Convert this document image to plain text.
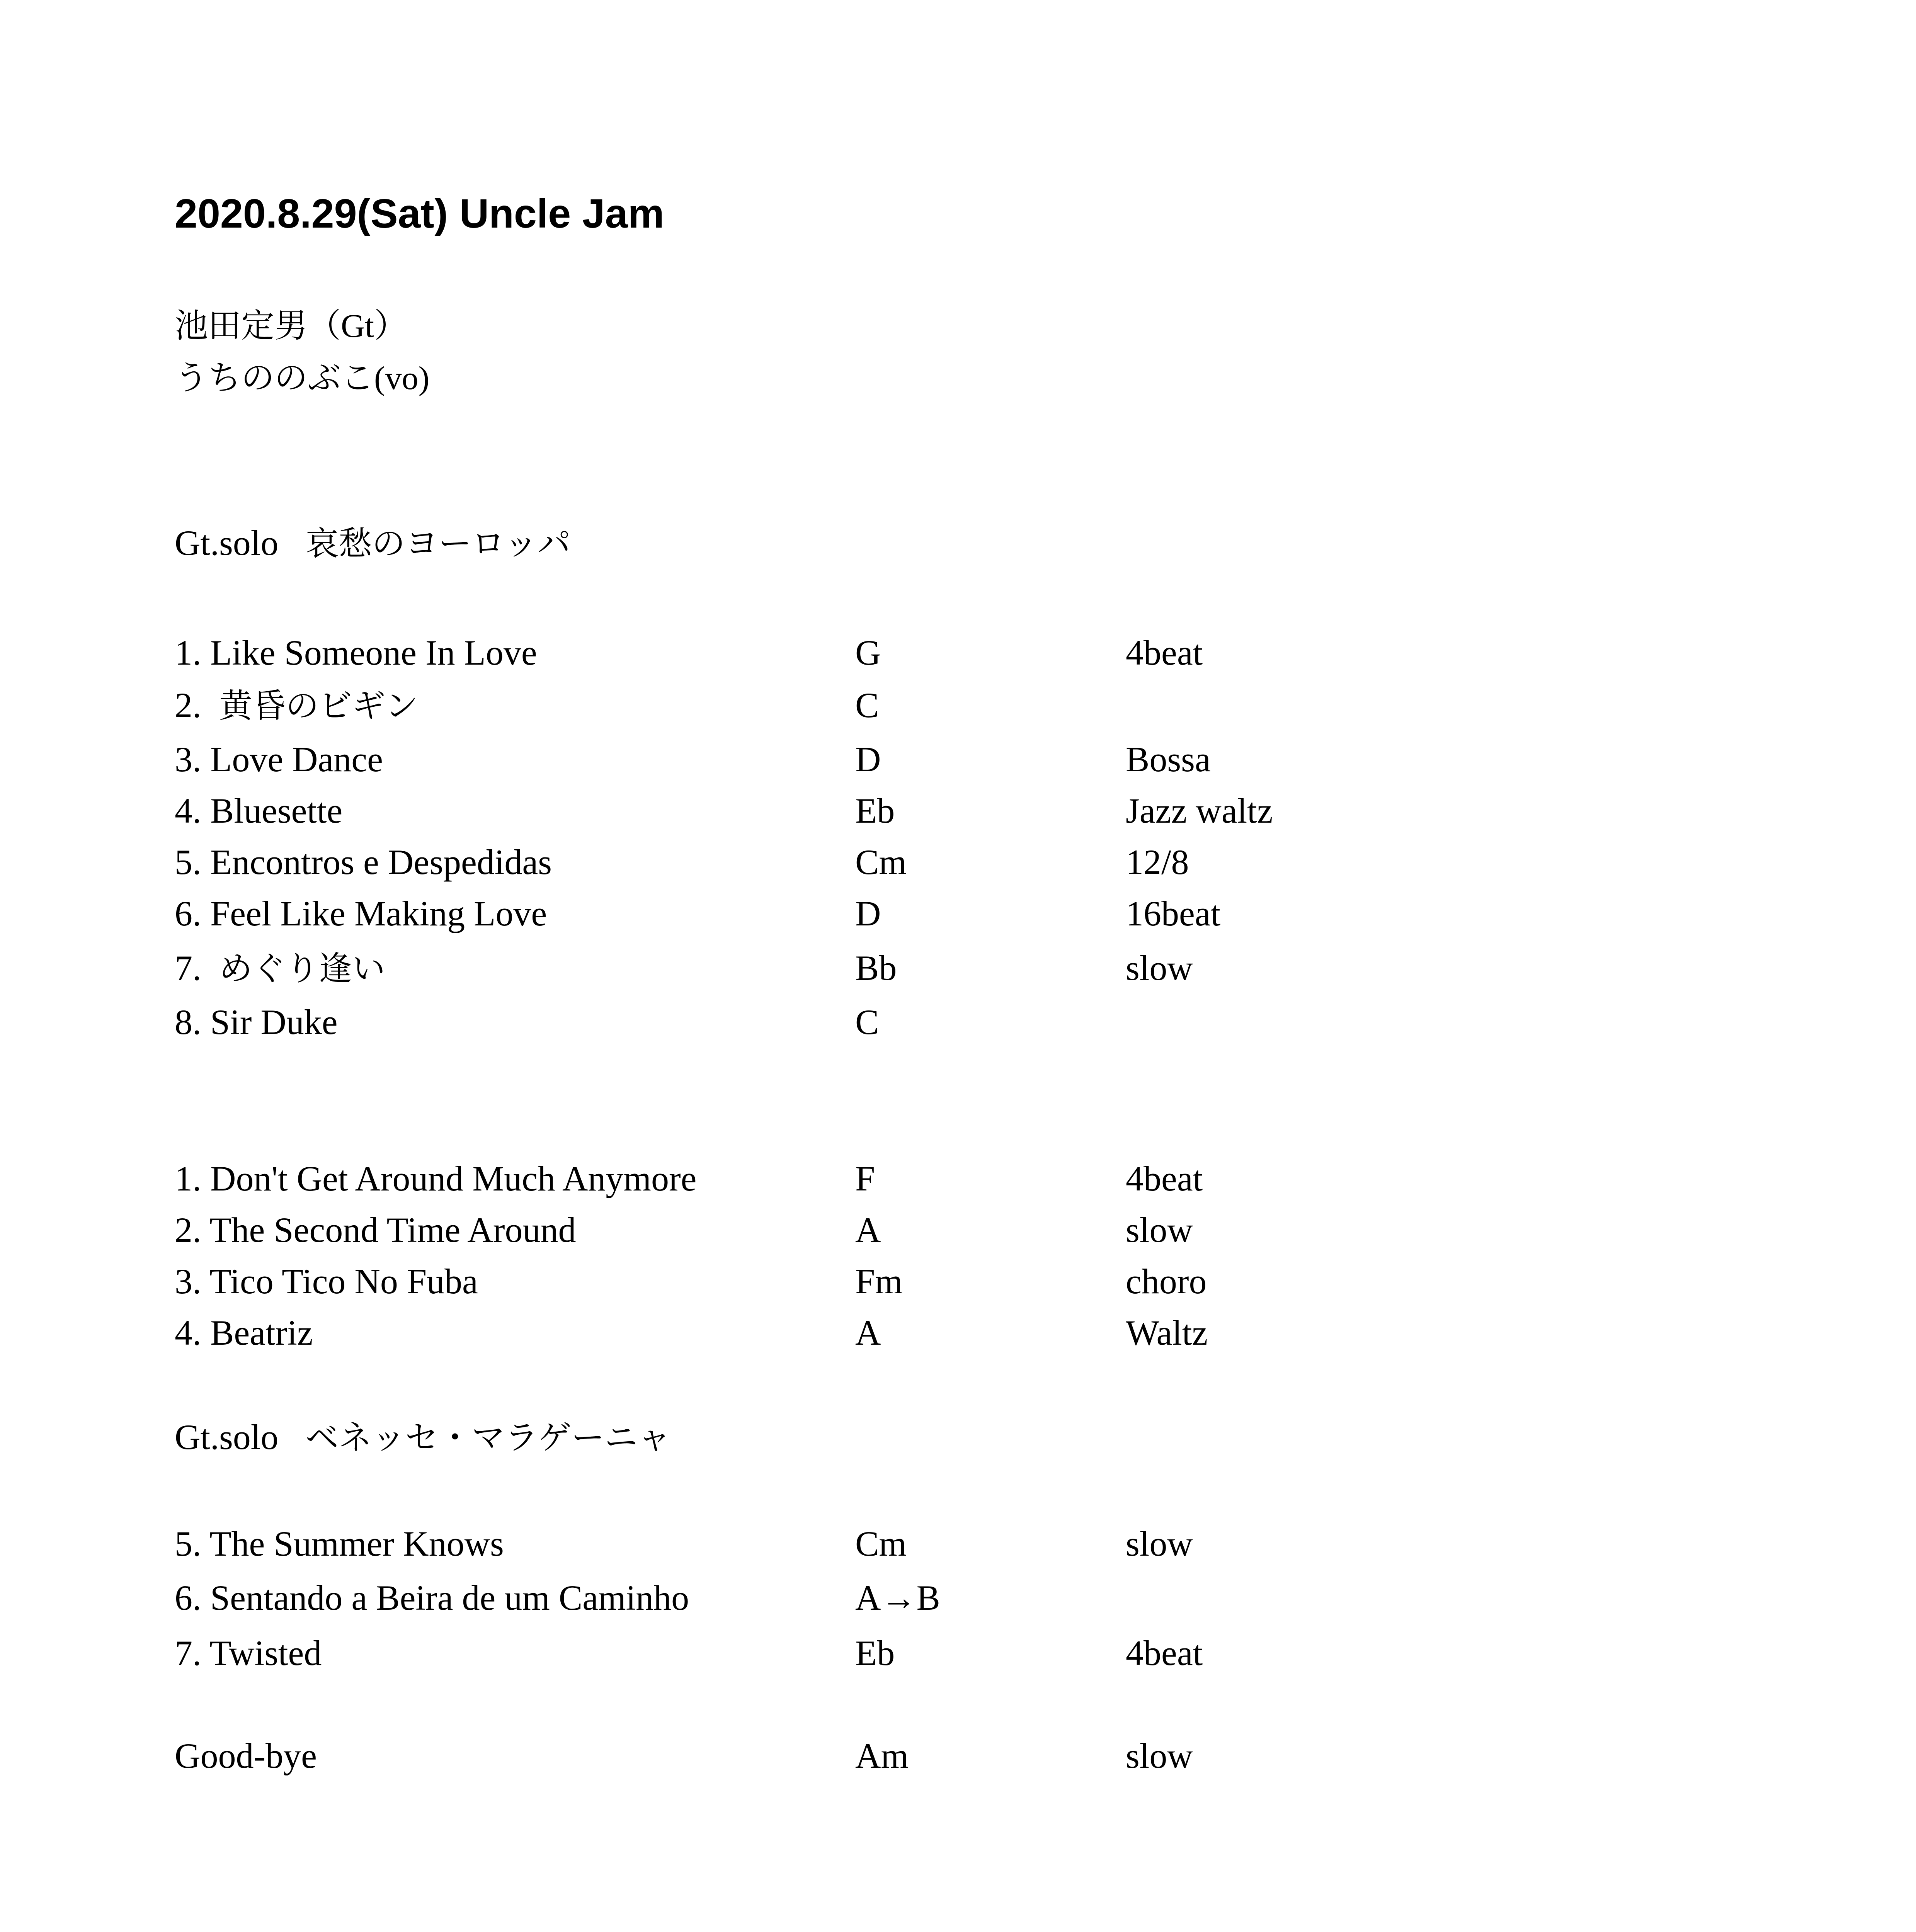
2020.8.29(Sat) Uncle Jam
池田定男（Gt）
うちののぶこ(vo)
Gt.solo 哀愁のヨーロッパ
1. Like Someone In Love	G	4beat
2. 黄昏のビギン	C
3. Love Dance	D	Bossa
4. Bluesette	Eb	Jazz waltz
5. Encontros e Despedidas	Cm	12/8
6. Feel Like Making Love	D	16beat
7. めぐり逢い	Bb	slow
8. Sir Duke	C
1. Don't Get Around Much Anymore	F	4beat
2. The Second Time Around	A	slow
3. Tico Tico No Fuba	Fm	choro
4. Beatriz	A	Waltz
Gt.solo ベネッセ・マラゲーニャ
5. The Summer Knows	Cm	slow
6. Sentando a Beira de um Caminho	A→B
7. Twisted	Eb	4beat
Good-bye	Am	slow
